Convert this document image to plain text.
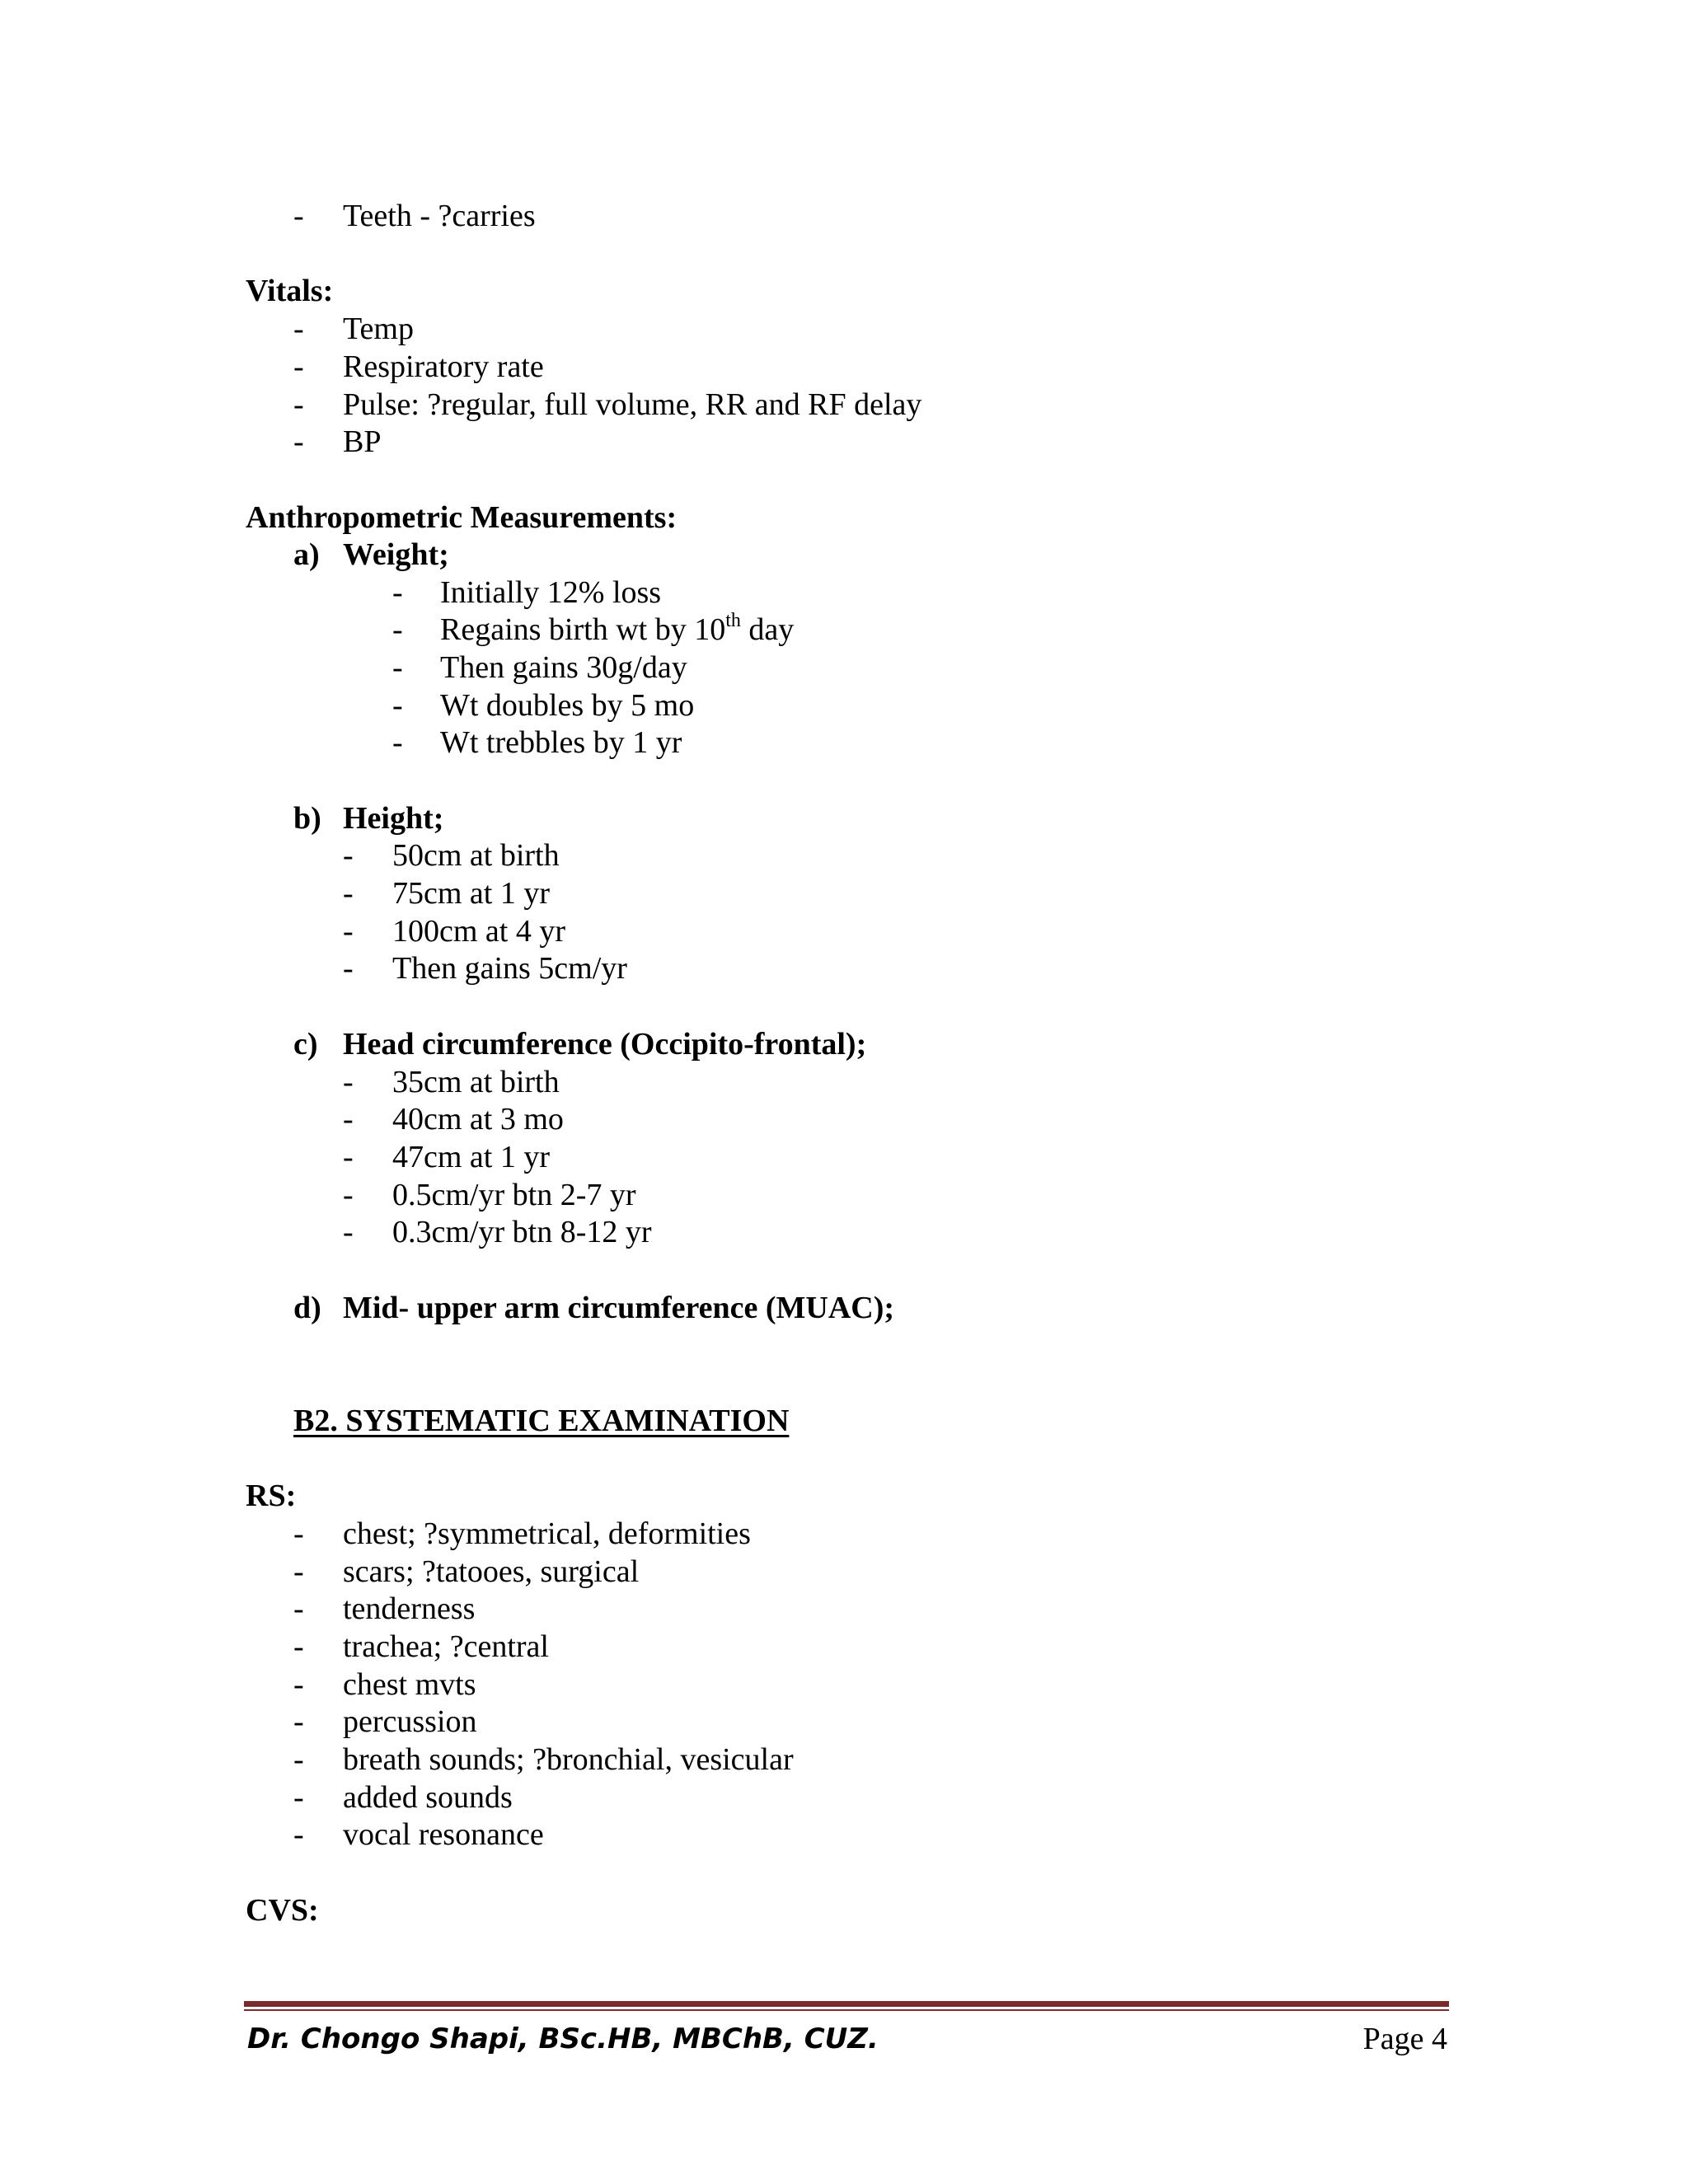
- Teeth - ?carries
Vitals:
- Temp
- Respiratory rate
- Pulse: ?regular, full volume, RR and RF delay
- BP
Anthropometric Measurements:
a) Weight;
- Initially 12% loss
- Regains birth wt by 10th day
- Then gains 30g/day
- Wt doubles by 5 mo
- Wt trebbles by 1 yr
b) Height;
- 50cm at birth
- 75cm at 1 yr
- 100cm at 4 yr
- Then gains 5cm/yr
c) Head circumference (Occipito-frontal);
- 35cm at birth
- 40cm at 3 mo
- 47cm at 1 yr
- 0.5cm/yr btn 2-7 yr
- 0.3cm/yr btn 8-12 yr
d) Mid- upper arm circumference (MUAC);
B2. SYSTEMATIC EXAMINATION
RS:
- chest; ?symmetrical, deformities
- scars; ?tatooes, surgical
- tenderness
- trachea; ?central
- chest mvts
- percussion
- breath sounds; ?bronchial, vesicular
- added sounds
- vocal resonance
CVS:
Dr. Chongo Shapi, BSc.HB, MBChB, CUZ.	Page 4
